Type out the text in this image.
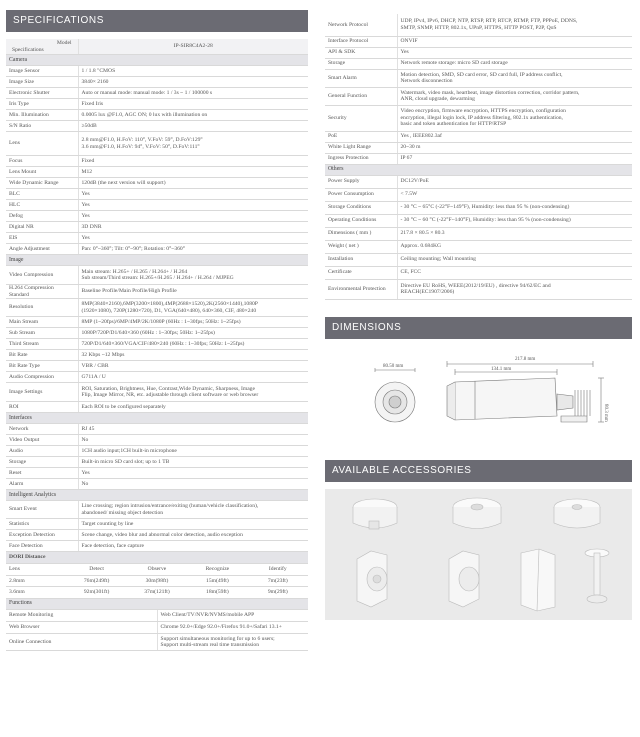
SPECIFICATIONS
Model
Specifications	IP-SIR8C4A2-28
Camera	
Image Sensor	1 / 1.8 "CMOS
Image Size	3840× 2160
Electronic Shutter	Auto or manual mode: manual mode: 1 / 3s ~ 1 / 100000 s
Iris Type	Fixed Iris
Min. Illumination	0.0005 lux @F1.0, AGC ON; 0 lux with illumination on
S/N Ratio	≥50dB
Lens	2.8 mm@F1.0, H.FoV: 110°, V.FoV: 59°, D.FoV:129°
3.6 mm@F1.0, H.FoV: 94°, V.FoV: 50°, D.FoV:111°
Focus	Fixed
Lens Mount	M12
Wide Dynamic Range	120dB (the next version will support)
BLC	Yes
HLC	Yes
Defog	Yes
Digital NR	3D DNR
EIS	Yes
Angle Adjustment	Pan: 0°~360°; Tilt: 0°~90°; Rotation: 0°~360°
Image	
Video Compression	Main stream: H.265+ / H.265 / H.264+ / H.264
Sub stream/Third stream: H.265+/H.265 / H.264+ / H.264 / MJPEG
H.264 Compression Standard	Baseline Profile/Main Profile/High Profile
Resolution	8MP(3840×2160),6MP(3200×1800),4MP(2688×1520),2K(2560×1440),1080P
(1920×1080), 720P(1280×720), D1, VGA(640×480), 640×360, CIF, 480×240
Main Stream	8MP (1~20fps)/6MP/4MP/2K/1080P (60Hz : 1~30fps; 50Hz: 1~25fps)
Sub Stream	1080P/720P/D1/640×360 (60Hz : 1~30fps; 50Hz: 1~25fps)
Third Stream	720P/D1/640×360/VGA/CIF/480×240 (60Hz : 1~30fps; 50Hz: 1~25fps)
Bit Rate	32 Kbps ~12 Mbps
Bit Rate Type	VBR / CBR
Audio Compression	G711A / U
Image Settings	ROI, Saturation, Brightness, Hue, Contrast,Wide Dynamic, Sharpness, Image
Flip, Image Mirror, NR, etc. adjustable through client software or web browser
ROI	Each ROI to be configured separately
Interfaces	
Network	RJ 45
Video Output	No
Audio	1CH audio input;1CH built-in microphone
Storage	Built-in micro SD card slot; up to 1 TB
Reset	Yes
Alarm	No
Intelligent Analytics	
Smart Event	Line crossing; region intrusion/entrance/exiting (human/vehicle classification),
abandoned/ missing object detection
Statistics	Target counting by line
Exception Detection	Scene change, video blur and abnormal color detection, audio exception
Face Detection	Face detection, face capture
DORI Distance				
Lens	Detect	Observe	Recognize	Identify
2.8mm	76m(249ft)	30m(98ft)	15m(49ft)	7m(23ft)
3.6mm	92m(301ft)	37m(121ft)	18m(59ft)	9m(29ft)
Functions	
Remote Monitoring	Web Client/TV/NVR/NVMS/mobile APP
Web Browser	Chrome 92.0+/Edge 92.0+/Firefox 91.0+/Safari 13.1+
Online Connection	Support simultaneous monitoring for up to 6 users;
Support multi-stream real time transmission
Network Protocol	UDP, IPv4, IPv6, DHCP, NTP, RTSP, RTP, RTCP, RTMP, FTP, PPPoE, DDNS,
SMTP, SNMP, HTTP, 802.1x, UPnP, HTTPS, HTTP POST, P2P, QoS
Interface Protocol	ONVIF
API & SDK	Yes
Storage	Network remote storage: micro SD card storage
Smart Alarm	Motion detection, SMD, SD card error, SD card full, IP address conflict,
Network disconnection
General Function	Watermark, video mask, heartbeat, image distortion correction, corridor pattern,
ANR, cloud upgrade, dewarming
Security	Video encryption, firmware encryption, HTTPS encryption, configuration
encryption, illegal login lock, IP address filtering, 802.1x authentication,
basic and token authentication for HTTP/RTSP
PoE	Yes , IEEE802.3af
White Light Range	20~30 m
Ingress Protection	IP 67
Others	
Power Supply	DC12V/PoE
Power Consumption	< 7.5W
Storage Conditions	- 30 °C ~ 65°C (-22°F~149°F), Humidity: less than 95 % (non-condensing)
Operating Conditions	- 30 °C ~ 60 °C (-22°F~140°F), Humidity: less than 95 % (non-condensing)
Dimensions ( mm )	217.8 × 80.5 × 80.3
Weight ( net )	Approx. 0.684KG
Installation	Ceiling mounting; Wall mounting
Certificate	CE, FCC
Environmental Protection	Directive EU RoHS, WEEE(2012/19/EU) , directive 94/62/EC and
REACH(EC1907/2006)
DIMENSIONS
80.50 mm
217.8 mm
134.1 mm
80.3 mm
AVAILABLE ACCESSORIES
